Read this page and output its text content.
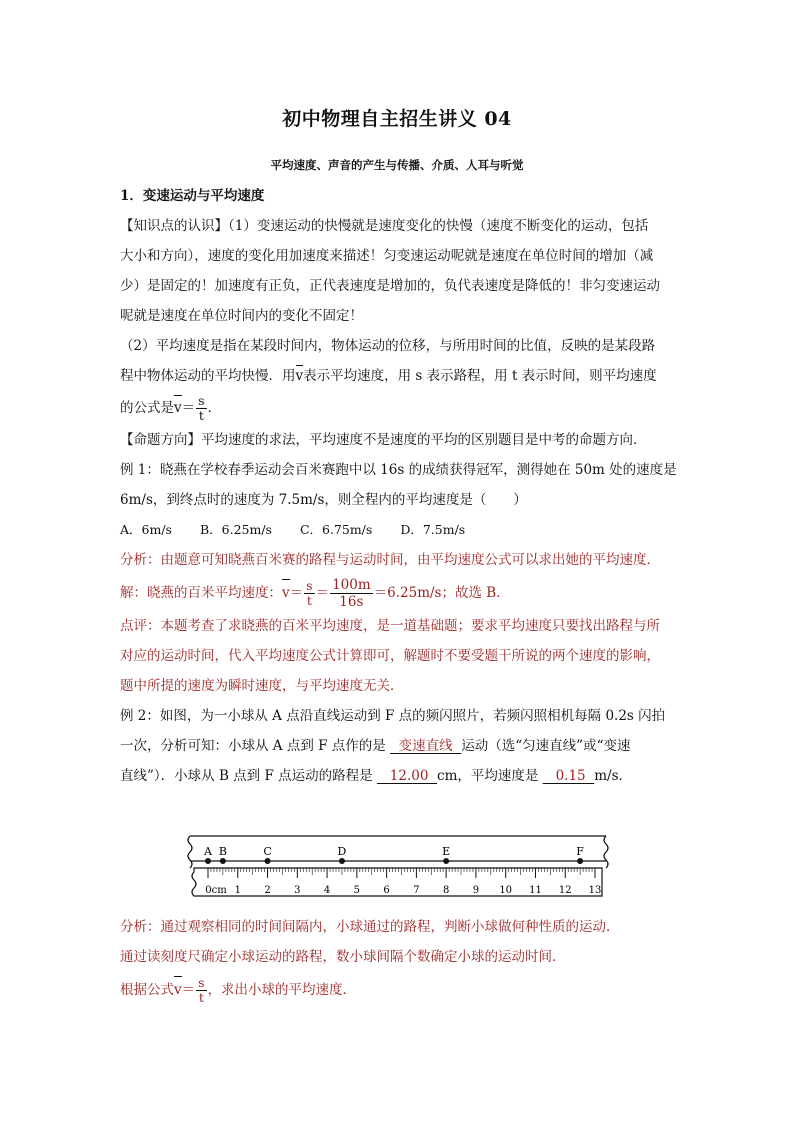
初中物理自主招生讲义 04
平均速度、声音的产生与传播、介质、人耳与听觉
1．变速运动与平均速度
【知识点的认识】（1）变速运动的快慢就是速度变化的快慢（速度不断变化的运动，包括
大小和方向），速度的变化用加速度来描述！匀变速运动呢就是速度在单位时间的增加（减
少）是固定的！加速度有正负，正代表速度是增加的，负代表速度是降低的！非匀变速运动
呢就是速度在单位时间内的变化不固定！
（2）平均速度是指在某段时间内，物体运动的位移，与所用时间的比值，反映的是某段路
程中物体运动的平均快慢．用v表示平均速度，用 s 表示路程，用 t 表示时间，则平均速度
的公式是$v= \frac{s}{t}$ ．
【命题方向】平均速度的求法，平均速度不是速度的平均的区别题目是中考的命题方向．
例 1：晓燕在学校春季运动会百米赛跑中以 16s 的成绩获得冠军，测得她在 50m 处的速度是
6m/s，到终点时的速度为 7.5m/s，则全程内的平均速度是（　　）
A．6m/s B．6.25m/s C．6.75m/s D．7.5m/s
分析：由题意可知晓燕百米赛的路程与运动时间，由平均速度公式可以求出她的平均速度．
解：晓燕的百米平均速度：$v= \frac{s}{t} = \frac{100m}{16s} =6.25m/s$；故选 B．
点评：本题考查了求晓燕的百米平均速度，是一道基础题；要求平均速度只要找出路程与所
对应的运动时间，代入平均速度公式计算即可，解题时不要受题干所说的两个速度的影响，
题中所提的速度为瞬时速度，与平均速度无关．
例 2：如图，为一小球从 A 点沿直线运动到 F 点的频闪照片，若频闪照相机每隔 0.2s 闪拍
一次，分析可知：小球从 A 点到 F 点作的是 变速直线 运动（选“匀速直线”或“变速
直线”）．小球从 B 点到 F 点运动的路程是 12.00 cm，平均速度是 0.15 m/s．
0cm 1 2 3 4 5 6 7 8 9 10 11 12 13
A B	C	D	E	F
分析：通过观察相同的时间间隔内，小球通过的路程，判断小球做何种性质的运动．
通过读刻度尺确定小球运动的路程，数小球间隔个数确定小球的运动时间．
根据公式$v= \frac{s}{t}$ ，求出小球的平均速度．
